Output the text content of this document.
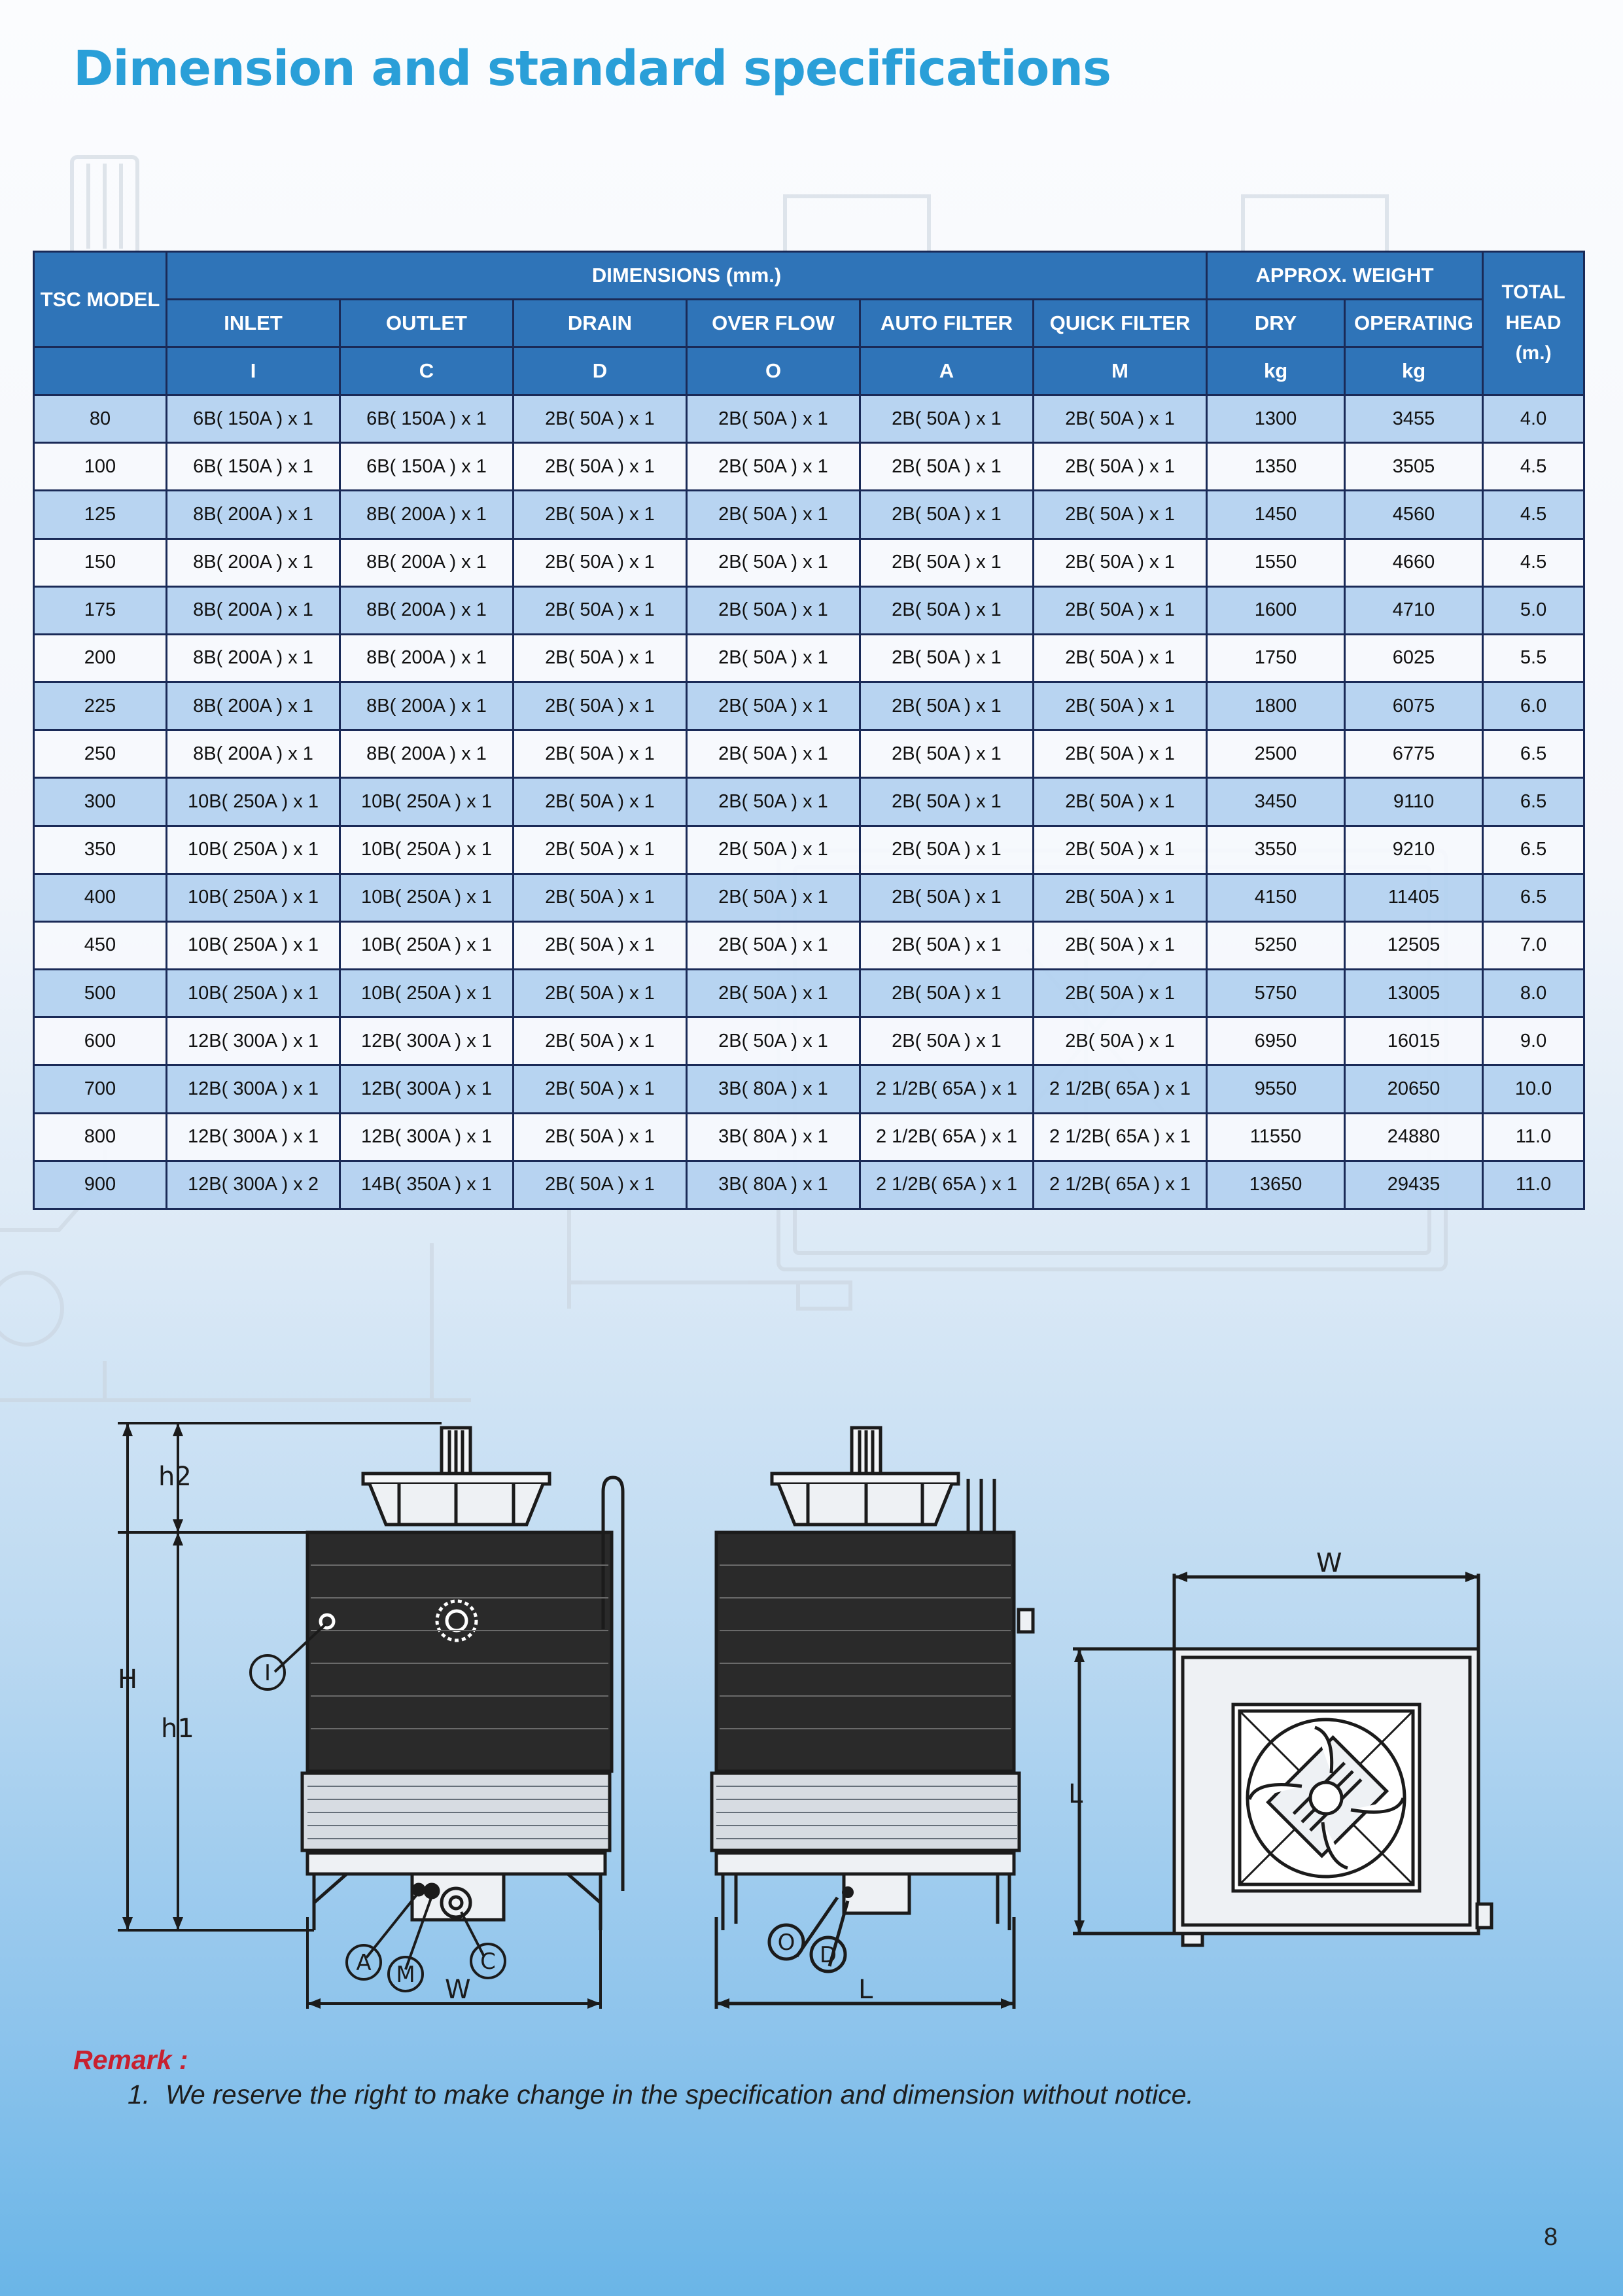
Dimension and standard specifications
TSC MODEL	DIMENSIONS (mm.)						APPROX. WEIGHT		TOTAL
HEAD
(m.)
	INLET	OUTLET	DRAIN	OVER FLOW	AUTO FILTER	QUICK FILTER	DRY	OPERATING	
	I	C	D	O	A	M	kg	kg	
80	6B( 150A ) x 1	6B( 150A ) x 1	2B( 50A ) x 1	2B( 50A ) x 1	2B( 50A ) x 1	2B( 50A ) x 1	1300	3455	4.0
100	6B( 150A ) x 1	6B( 150A ) x 1	2B( 50A ) x 1	2B( 50A ) x 1	2B( 50A ) x 1	2B( 50A ) x 1	1350	3505	4.5
125	8B( 200A ) x 1	8B( 200A ) x 1	2B( 50A ) x 1	2B( 50A ) x 1	2B( 50A ) x 1	2B( 50A ) x 1	1450	4560	4.5
150	8B( 200A ) x 1	8B( 200A ) x 1	2B( 50A ) x 1	2B( 50A ) x 1	2B( 50A ) x 1	2B( 50A ) x 1	1550	4660	4.5
175	8B( 200A ) x 1	8B( 200A ) x 1	2B( 50A ) x 1	2B( 50A ) x 1	2B( 50A ) x 1	2B( 50A ) x 1	1600	4710	5.0
200	8B( 200A ) x 1	8B( 200A ) x 1	2B( 50A ) x 1	2B( 50A ) x 1	2B( 50A ) x 1	2B( 50A ) x 1	1750	6025	5.5
225	8B( 200A ) x 1	8B( 200A ) x 1	2B( 50A ) x 1	2B( 50A ) x 1	2B( 50A ) x 1	2B( 50A ) x 1	1800	6075	6.0
250	8B( 200A ) x 1	8B( 200A ) x 1	2B( 50A ) x 1	2B( 50A ) x 1	2B( 50A ) x 1	2B( 50A ) x 1	2500	6775	6.5
300	10B( 250A ) x 1	10B( 250A ) x 1	2B( 50A ) x 1	2B( 50A ) x 1	2B( 50A ) x 1	2B( 50A ) x 1	3450	9110	6.5
350	10B( 250A ) x 1	10B( 250A ) x 1	2B( 50A ) x 1	2B( 50A ) x 1	2B( 50A ) x 1	2B( 50A ) x 1	3550	9210	6.5
400	10B( 250A ) x 1	10B( 250A ) x 1	2B( 50A ) x 1	2B( 50A ) x 1	2B( 50A ) x 1	2B( 50A ) x 1	4150	11405	6.5
450	10B( 250A ) x 1	10B( 250A ) x 1	2B( 50A ) x 1	2B( 50A ) x 1	2B( 50A ) x 1	2B( 50A ) x 1	5250	12505	7.0
500	10B( 250A ) x 1	10B( 250A ) x 1	2B( 50A ) x 1	2B( 50A ) x 1	2B( 50A ) x 1	2B( 50A ) x 1	5750	13005	8.0
600	12B( 300A ) x 1	12B( 300A ) x 1	2B( 50A ) x 1	2B( 50A ) x 1	2B( 50A ) x 1	2B( 50A ) x 1	6950	16015	9.0
700	12B( 300A ) x 1	12B( 300A ) x 1	2B( 50A ) x 1	3B( 80A ) x 1	2 1/2B( 65A ) x 1	2 1/2B( 65A ) x 1	9550	20650	10.0
800	12B( 300A ) x 1	12B( 300A ) x 1	2B( 50A ) x 1	3B( 80A ) x 1	2 1/2B( 65A ) x 1	2 1/2B( 65A ) x 1	11550	24880	11.0
900	12B( 300A ) x 2	14B( 350A ) x 1	2B( 50A ) x 1	3B( 80A ) x 1	2 1/2B( 65A ) x 1	2 1/2B( 65A ) x 1	13650	29435	11.0
H
h1
h2
W
I
A M	C
L
O D
W
L
Remark :
1. We reserve the right to make change in the specification and dimension without notice.
8
